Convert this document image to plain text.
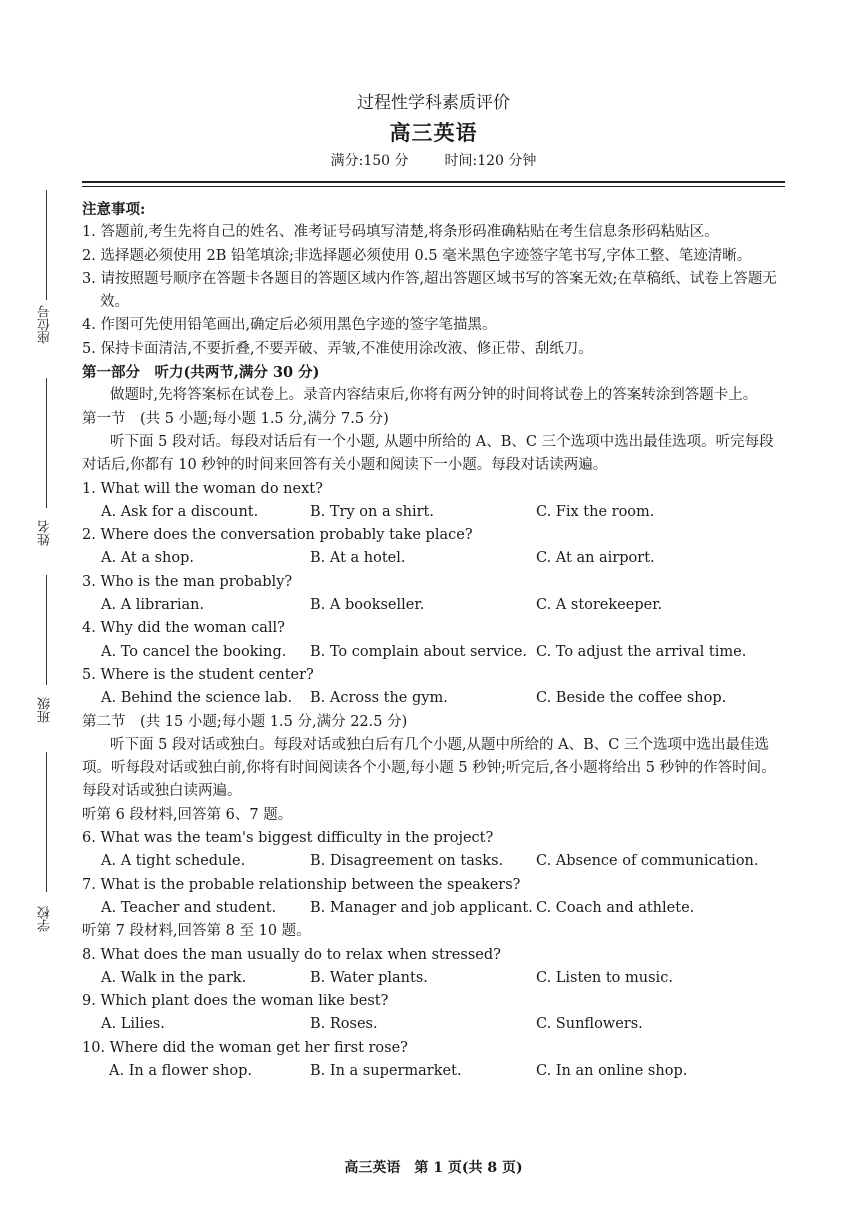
座位号
姓名
班级
学校
过程性学科素质评价
高三英语
满分:150 分	时间:120 分钟
注意事项:
1. 答题前,考生先将自己的姓名、准考证号码填写清楚,将条形码准确粘贴在考生信息条形码粘贴区。
2. 选择题必须使用 2B 铅笔填涂;非选择题必须使用 0.5 毫米黑色字迹签字笔书写,字体工整、笔迹清晰。
3. 请按照题号顺序在答题卡各题目的答题区域内作答,超出答题区域书写的答案无效;在草稿纸、试卷上答题无效。
4. 作图可先使用铅笔画出,确定后必须用黑色字迹的签字笔描黑。
5. 保持卡面清洁,不要折叠,不要弄破、弄皱,不准使用涂改液、修正带、刮纸刀。
第一部分　听力(共两节,满分 30 分)
做题时,先将答案标在试卷上。录音内容结束后,你将有两分钟的时间将试卷上的答案转涂到答题卡上。
第一节　(共 5 小题;每小题 1.5 分,满分 7.5 分)
听下面 5 段对话。每段对话后有一个小题, 从题中所给的 A、B、C 三个选项中选出最佳选项。听完每段对话后,你都有 10 秒钟的时间来回答有关小题和阅读下一小题。每段对话读两遍。
1. What will the woman do next?
A. Ask for a discount.	B. Try on a shirt.	C. Fix the room.
2. Where does the conversation probably take place?
A. At a shop.	B. At a hotel.	C. At an airport.
3. Who is the man probably?
A. A librarian.	B. A bookseller.	C. A storekeeper.
4. Why did the woman call?
A. To cancel the booking.	B. To complain about service. C. To adjust the arrival time.
5. Where is the student center?
A. Behind the science lab.	B. Across the gym.	C. Beside the coffee shop.
第二节　(共 15 小题;每小题 1.5 分,满分 22.5 分)
听下面 5 段对话或独白。每段对话或独白后有几个小题,从题中所给的 A、B、C 三个选项中选出最佳选项。听每段对话或独白前,你将有时间阅读各个小题,每小题 5 秒钟;听完后,各小题将给出 5 秒钟的作答时间。每段对话或独白读两遍。
听第 6 段材料,回答第 6、7 题。
6. What was the team's biggest difficulty in the project?
A. A tight schedule.	B. Disagreement on tasks.	C. Absence of communication.
7. What is the probable relationship between the speakers?
A. Teacher and student.	B. Manager and job applicant. C. Coach and athlete.
听第 7 段材料,回答第 8 至 10 题。
8. What does the man usually do to relax when stressed?
A. Walk in the park.	B. Water plants.	C. Listen to music.
9. Which plant does the woman like best?
A. Lilies.	B. Roses.	C. Sunflowers.
10. Where did the woman get her first rose?
A. In a flower shop.	B. In a supermarket.	C. In an online shop.
高三英语　第 1 页(共 8 页)
